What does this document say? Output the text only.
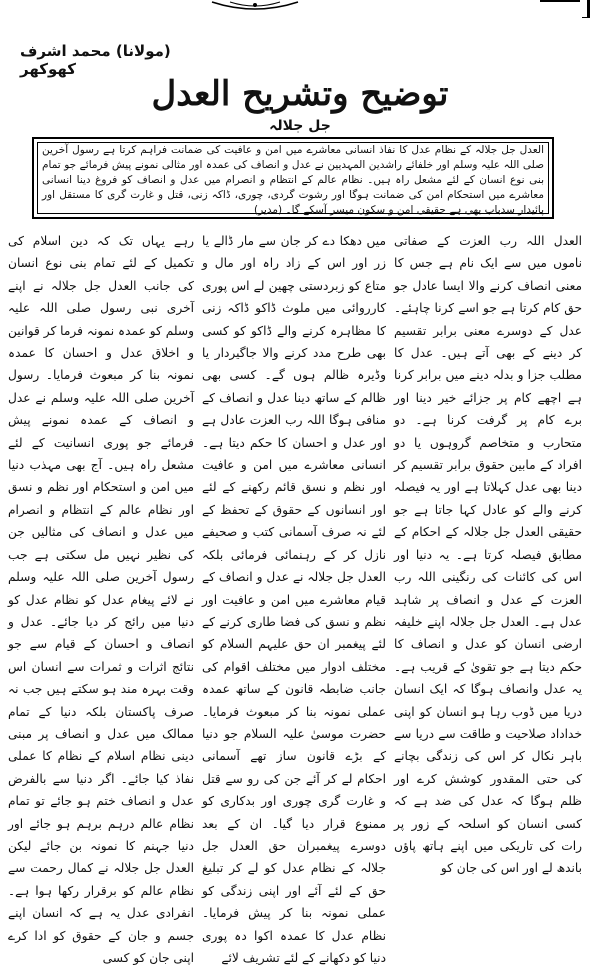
(مولانا) محمد اشرف کھوکھر
توضیح وتشریح العدل جل جلالہ
العدل جل جلالہ کے نظام عدل کا نفاذ انسانی معاشرے میں امن و عافیت کی ضمانت فراہم کرتا ہے رسول آخرین صلی اللہ علیہ وسلم اور خلفائے راشدین المہدیین نے عدل و انصاف کی عمدہ اور مثالی نمونے پیش فرمائے جو تمام بنی نوع انسان کے لئے مشعل راہ ہیں۔ نظام عالم کے انتظام و انصرام میں عدل و انصاف کو فروغ دینا انسانی معاشرے میں استحکام امن کی ضمانت ہوگا اور رشوت گردی، چوری، ڈاکہ زنی، قتل و غارت گری کا مستقل اور پائیدار سدباب بھی ہے حقیقی امن و سکون میسر آسکے گا۔ (مدیر)

العدل اللہ رب العزت کے صفاتی ناموں میں سے ایک نام ہے جس کا معنی انصاف کرنے والا ایسا عادل جو حق کام کرتا ہے جو اسے کرنا چاہئے۔ عدل کے دوسرے معنی برابر تقسیم کر دینے کے بھی آتے ہیں۔ عدل کا مطلب جزا و بدلہ دینے میں برابر کرنا ہے اچھے کام پر جزائے خیر دینا اور برے کام پر گرفت کرنا ہے۔ دو متحارب و متخاصم گروہوں یا دو افراد کے مابین حقوق برابر تقسیم کر دینا بھی عدل کہلاتا ہے اور یہ فیصلہ کرنے والے کو عادل کہا جاتا ہے جو حقیقی العدل جل جلالہ کے احکام کے مطابق فیصلہ کرتا ہے۔ یہ دنیا اور اس کی کائنات کی رنگینی اللہ رب العزت کے عدل و انصاف پر شاہد عدل ہے۔ العدل جل جلالہ اپنے خلیفہ ارضی انسان کو عدل و انصاف کا حکم دیتا ہے جو تقویٰ کے قریب ہے۔ یہ عدل وانصاف ہوگا کہ ایک انسان دریا میں ڈوب رہا ہو انسان کو اپنی خداداد صلاحیت و طاقت سے دریا سے باہر نکال کر اس کی زندگی بچانے کی حتی المقدور کوشش کرے اور ظلم ہوگا کہ عدل کی ضد ہے کہ کسی انسان کو اسلحہ کے زور پر رات کی تاریکی میں اپنے ہاتھ پاؤں باندھ لے اور اس کی جان کو

میں دھکا دے کر جان سے مار ڈالے یا زر اور اس کے زاد راہ اور مال و متاع کو زبردستی چھین لے اس پوری کارروائی میں ملوث ڈاکو ڈاکہ زنی کا مظاہرہ کرنے والے ڈاکو کو کسی بھی طرح مدد کرنے والا جاگیردار یا وڈیرہ ظالم ہوں گے۔ کسی بھی ظالم کے ساتھ دینا عدل و انصاف کے منافی ہوگا اللہ رب العزت عادل ہے اور عدل و احسان کا حکم دیتا ہے۔ انسانی معاشرے میں امن و عافیت اور نظم و نسق قائم رکھنے کے لئے اور انسانوں کے حقوق کے تحفظ کے لئے نہ صرف آسمانی کتب و صحیفے نازل کر کے رہنمائی فرمائی بلکہ العدل جل جلالہ نے عدل و انصاف کے قیام معاشرے میں امن و عافیت اور نظم و نسق کی فضا طاری کرنے کے لئے پیغمبر ان حق علیہم السلام کو مختلف ادوار میں مختلف اقوام کی جانب ضابطہ قانون کے ساتھ عمدہ عملی نمونہ بنا کر مبعوث فرمایا۔ حضرت موسیٰ علیہ السلام جو دنیا کے بڑے قانون ساز تھے آسمانی احکام لے کر آئے جن کی رو سے قتل و غارت گری چوری اور بدکاری کو ممنوع قرار دیا گیا۔ ان کے بعد دوسرے پیغمبران حق العدل جل جلالہ کے نظام عدل کو لے کر تبلیغ حق کے لئے آئے اور اپنی زندگی کو عملی نمونہ بنا کر پیش فرمایا۔ نظام عدل کا عمدہ اکوا دہ پوری دنیا کو دکھانے کے لئے تشریف لائے

رہے یہاں تک کہ دین اسلام کی تکمیل کے لئے تمام بنی نوع انسان کی جانب العدل جل جلالہ نے اپنے آخری نبی رسول صلی اللہ علیہ وسلم کو عمدہ نمونہ فرما کر قوانین و اخلاق عدل و احسان کا عمدہ نمونہ بنا کر مبعوث فرمایا۔ رسول آخرین صلی اللہ علیہ وسلم نے عدل و انصاف کے عمدہ نمونے پیش فرمائے جو پوری انسانیت کے لئے مشعل راہ ہیں۔ آج بھی مہذب دنیا میں امن و استحکام اور نظم و نسق اور نظام عالم کے انتظام و انصرام میں عدل و انصاف کی مثالیں جن کی نظیر نہیں مل سکتی ہے جب رسول آخرین صلی اللہ علیہ وسلم نے لائے پیغام عدل کو نظام عدل کو دنیا میں رائج کر دیا جائے۔ عدل و انصاف و احسان کے قیام سے جو نتائج اثرات و ثمرات سے انسان اس وقت بہرہ مند ہو سکتے ہیں جب نہ صرف پاکستان بلکہ دنیا کے تمام ممالک میں عدل و انصاف پر مبنی دینی نظام اسلام کے نظام کا عملی نفاذ کیا جائے۔ اگر دنیا سے بالفرض عدل و انصاف ختم ہو جائے تو تمام نظام عالم درہم برہم ہو جائے اور دنیا جہنم کا نمونہ بن جائے لیکن العدل جل جلالہ نے کمال رحمت سے نظام عالم کو برقرار رکھا ہوا ہے۔ انفرادی عدل یہ ہے کہ انسان اپنے جسم و جان کے حقوق کو ادا کرے اپنی جان کو کسی
